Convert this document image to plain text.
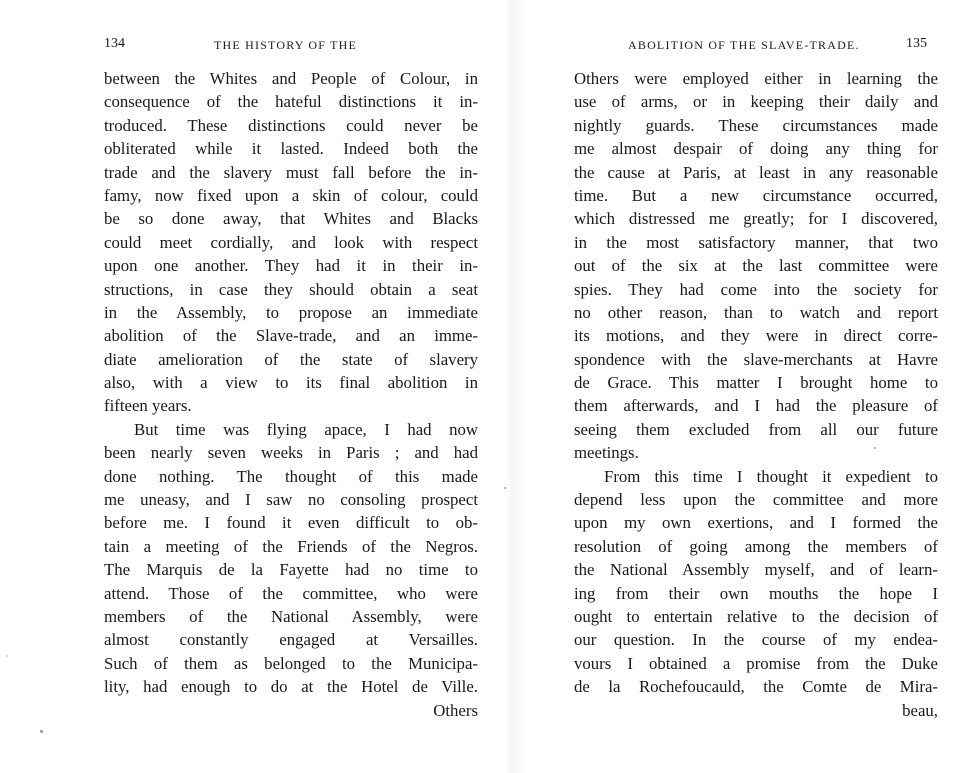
134	THE HISTORY OF THE
between the Whites and People of Colour, in
consequence of the hateful distinctions it in-
troduced. These distinctions could never be
obliterated while it lasted. Indeed both the
trade and the slavery must fall before the in-
famy, now fixed upon a skin of colour, could
be so done away, that Whites and Blacks
could meet cordially, and look with respect
upon one another. They had it in their in-
structions, in case they should obtain a seat
in the Assembly, to propose an immediate
abolition of the Slave-trade, and an imme-
diate amelioration of the state of slavery
also, with a view to its final abolition in
fifteen years.
But time was flying apace, I had now
been nearly seven weeks in Paris ; and had
done nothing. The thought of this made
me uneasy, and I saw no consoling prospect
before me. I found it even difficult to ob-
tain a meeting of the Friends of the Negros.
The Marquis de la Fayette had no time to
attend. Those of the committee, who were
members of the National Assembly, were
almost constantly engaged at Versailles.
Such of them as belonged to the Municipa-
lity, had enough to do at the Hotel de Ville.
Others
ABOLITION OF THE SLAVE-TRADE.	135
Others were employed either in learning the
use of arms, or in keeping their daily and
nightly guards. These circumstances made
me almost despair of doing any thing for
the cause at Paris, at least in any reasonable
time. But a new circumstance occurred,
which distressed me greatly; for I discovered,
in the most satisfactory manner, that two
out of the six at the last committee were
spies. They had come into the society for
no other reason, than to watch and report
its motions, and they were in direct corre-
spondence with the slave-merchants at Havre
de Grace. This matter I brought home to
them afterwards, and I had the pleasure of
seeing them excluded from all our future
meetings.
From this time I thought it expedient to
depend less upon the committee and more
upon my own exertions, and I formed the
resolution of going among the members of
the National Assembly myself, and of learn-
ing from their own mouths the hope I
ought to entertain relative to the decision of
our question. In the course of my endea-
vours I obtained a promise from the Duke
de la Rochefoucauld, the Comte de Mira-
beau,
